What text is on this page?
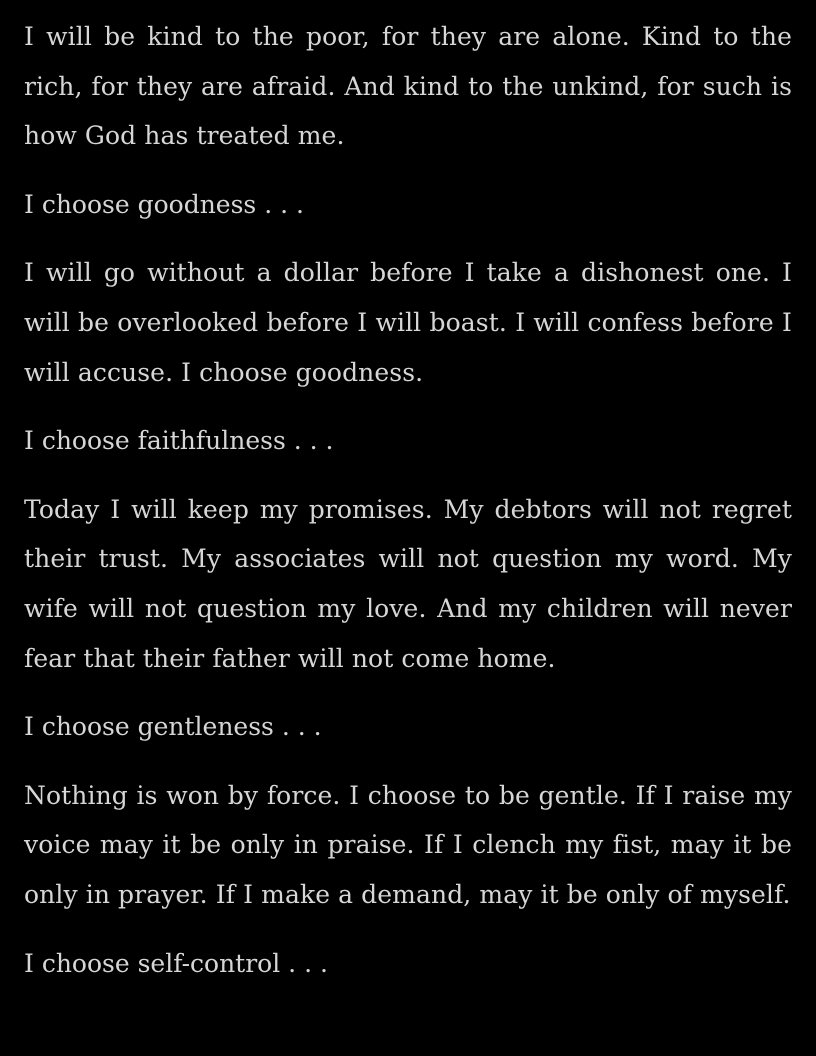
I will be kind to the poor, for they are alone. Kind to the rich, for they are afraid. And kind to the unkind, for such is how God has treated me.

I choose goodness . . .

I will go without a dollar before I take a dishonest one. I will be overlooked before I will boast. I will confess before I will accuse. I choose goodness.

I choose faithfulness . . .

Today I will keep my promises. My debtors will not regret their trust. My associates will not question my word. My wife will not question my love. And my children will never fear that their father will not come home.

I choose gentleness . . .

Nothing is won by force. I choose to be gentle. If I raise my voice may it be only in praise. If I clench my fist, may it be only in prayer. If I make a demand, may it be only of myself.

I choose self-control . . .
